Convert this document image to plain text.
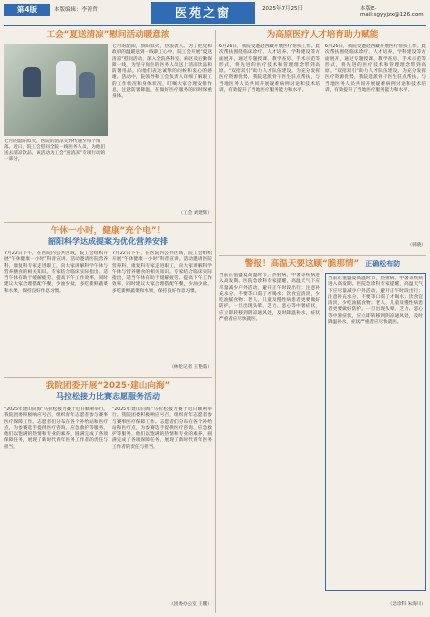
第4版	本版编辑：李菁哲	医苑之窗	2025年7月25日	本版E-mail:sgyyjzx@126.com
工会“夏送清凉”慰问活动暖意浓
七月的韶阳似火，医院的清凉关怀传递至每个角落。近日，院工会慰问全院一线医务人员，为他们送去清凉饮品。该活动为工会“送清凉”专项行动的一部分。
七月的韶阳，骄阳似火，热浪袭人。为了把党和政府的温暖送到一线职工心中，院工会开展“夏送清凉”慰问活动，深入全院各科室、病区及后勤保障一线，为坚守岗位的医务人员送上清凉饮品和防暑用品，向他们表达诚挚的问候和衷心的感谢。活动中，院领导和工会负责人详细了解职工的工作状况和身体状况，叮嘱大家合理安排作息，注意防暑降温，在做好医疗服务的同时保重身体。
（工会 刘建辉）
午休一小时，健康“充个电”！
韶阳科学达成提案为优化营养安排
7月22日下午，在医院内公共区域，院工会组织开展“午休健康一小时”科普宣讲。活动邀请医院营养科、康复科专家走进职工，向大家讲解科学午休与营养膳食的相关知识。专家结合临床实际指出，适当午休有助于缓解疲劳、提高下午工作效率，同时建议大家合理搭配午餐，少油少盐，多吃新鲜蔬菜和水果，保持良好作息习惯。
7月22日下午，在医院内公共区域，院工会组织开展“午休健康一小时”科普宣讲。活动邀请医院营养科、康复科专家走进职工，向大家讲解科学午休与营养膳食的相关知识。专家结合临床实际指出，适当午休有助于缓解疲劳、提高下午工作效率，同时建议大家合理搭配午餐，少油少盐，多吃新鲜蔬菜和水果，保持良好作息习惯。
（林伦记者 王艳茹）
我院团委开展“2025·建山向海”
马拉松接力比赛志愿服务活动
“2025年建山向海”马拉松接力赛于近日顺利举行。我院团委积极响应号召，组织青年志愿者参与赛事医疗保障工作。志愿者们分布在各个补给站和医疗点，为参赛选手提供医疗咨询、应急救护等服务。他们以饱满的热情和专业的素养，圆满完成了各项保障任务，展现了新时代青年医务工作者的责任与担当。
“2025年建山向海”马拉松接力赛于近日顺利举行。我院团委积极响应号召，组织青年志愿者参与赛事医疗保障工作。志愿者们分布在各个补给站和医疗点，为参赛选手提供医疗咨询、应急救护等服务。他们以饱满的热情和专业的素养，圆满完成了各项保障任务，展现了新时代青年医务工作者的责任与担当。
（团委办公室 王鹏）
为高原医疗人才培育助力赋能
6月26日，我院受邀赴西藏开展医疗帮扶工作。此次帮扶围绕临床诊疗、人才培养、学科建设等方面展开，通过专题授课、教学查房、手术示范等形式，将先进的医疗技术和管理理念带到高原。“双招双引”助力人才队伍建设。为充分发挥医疗资源优势，我院选派骨干医生驻点帮扶，与当地医务人员共同开展疑难病例讨论和技术培训，有效提升了当地医疗服务能力和水平。
6月26日，我院受邀赴西藏开展医疗帮扶工作。此次帮扶围绕临床诊疗、人才培养、学科建设等方面展开，通过专题授课、教学查房、手术示范等形式，将先进的医疗技术和管理理念带到高原。“双招双引”助力人才队伍建设。为充分发挥医疗资源优势，我院选派骨干医生驻点帮扶，与当地医务人员共同开展疑难病例讨论和技术培训，有效提升了当地医疗服务能力和水平。
（韩晓）
警报！高温天要这顾“脆那情” 正确松布防
当前正值盛夏高温时节，热射病、中暑等疾病进入高发期。医院急诊科专家提醒，高温天气下应尽量减少户外活动，避开正午时段出行；注意补充水分，不要等口渴了才喝水；饮食宜清淡，少吃油腻食物；老人、儿童及慢性病患者更要做好防护。一旦出现头晕、乏力、恶心等中暑症状，应立即转移到阴凉通风处，及时降温补水，症状严重者应尽快就医。
当前正值盛夏高温时节，热射病、中暑等疾病进入高发期。医院急诊科专家提醒，高温天气下应尽量减少户外活动，避开正午时段出行；注意补充水分，不要等口渴了才喝水；饮食宜清淡，少吃油腻食物；老人、儿童及慢性病患者更要做好防护。一旦出现头晕、乏力、恶心等中暑症状，应立即转移到阴凉通风处，及时降温补水，症状严重者应尽快就医。
（急诊科 朱海川）
